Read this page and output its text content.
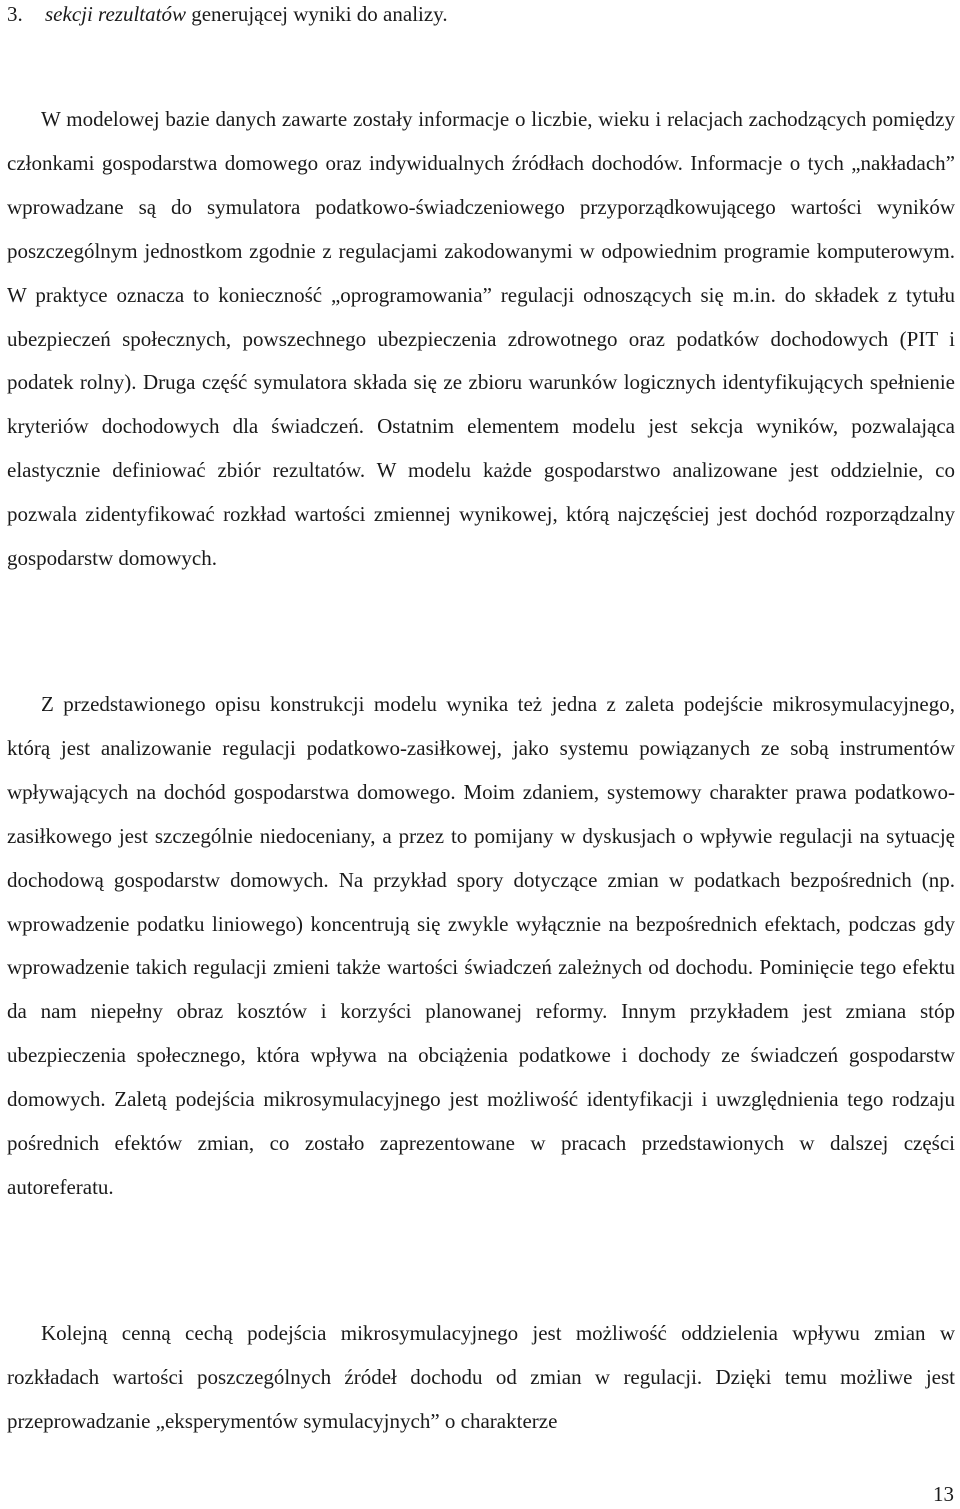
3. sekcji rezultatów generującej wyniki do analizy.

W modelowej bazie danych zawarte zostały informacje o liczbie, wieku i relacjach zachodzących pomiędzy członkami gospodarstwa domowego oraz indywidualnych źródłach dochodów. Informacje o tych „nakładach” wprowadzane są do symulatora podatkowo-świadczeniowego przyporządkowującego wartości wyników poszczególnym jednostkom zgodnie z regulacjami zakodowanymi w odpowiednim programie komputerowym. W praktyce oznacza to konieczność „oprogramowania” regulacji odnoszących się m.in. do składek z tytułu ubezpieczeń społecznych, powszechnego ubezpieczenia zdrowotnego oraz podatków dochodowych (PIT i podatek rolny). Druga część symulatora składa się ze zbioru warunków logicznych identyfikujących spełnienie kryteriów dochodowych dla świadczeń. Ostatnim elementem modelu jest sekcja wyników, pozwalająca elastycznie definiować zbiór rezultatów. W modelu każde gospodarstwo analizowane jest oddzielnie, co pozwala zidentyfikować rozkład wartości zmiennej wynikowej, którą najczęściej jest dochód rozporządzalny gospodarstw domowych.

Z przedstawionego opisu konstrukcji modelu wynika też jedna z zaleta podejście mikrosymulacyjnego, którą jest analizowanie regulacji podatkowo-zasiłkowej, jako systemu powiązanych ze sobą instrumentów wpływających na dochód gospodarstwa domowego. Moim zdaniem, systemowy charakter prawa podatkowo-zasiłkowego jest szczególnie niedoceniany, a przez to pomijany w dyskusjach o wpływie regulacji na sytuację dochodową gospodarstw domowych. Na przykład spory dotyczące zmian w podatkach bezpośrednich (np. wprowadzenie podatku liniowego) koncentrują się zwykle wyłącznie na bezpośrednich efektach, podczas gdy wprowadzenie takich regulacji zmieni także wartości świadczeń zależnych od dochodu. Pominięcie tego efektu da nam niepełny obraz kosztów i korzyści planowanej reformy. Innym przykładem jest zmiana stóp ubezpieczenia społecznego, która wpływa na obciążenia podatkowe i dochody ze świadczeń gospodarstw domowych. Zaletą podejścia mikrosymulacyjnego jest możliwość identyfikacji i uwzględnienia tego rodzaju pośrednich efektów zmian, co zostało zaprezentowane w pracach przedstawionych w dalszej części autoreferatu.

Kolejną cenną cechą podejścia mikrosymulacyjnego jest możliwość oddzielenia wpływu zmian w rozkładach wartości poszczególnych źródeł dochodu od zmian w regulacji. Dzięki temu możliwe jest przeprowadzanie „eksperymentów symulacyjnych” o charakterze

13
